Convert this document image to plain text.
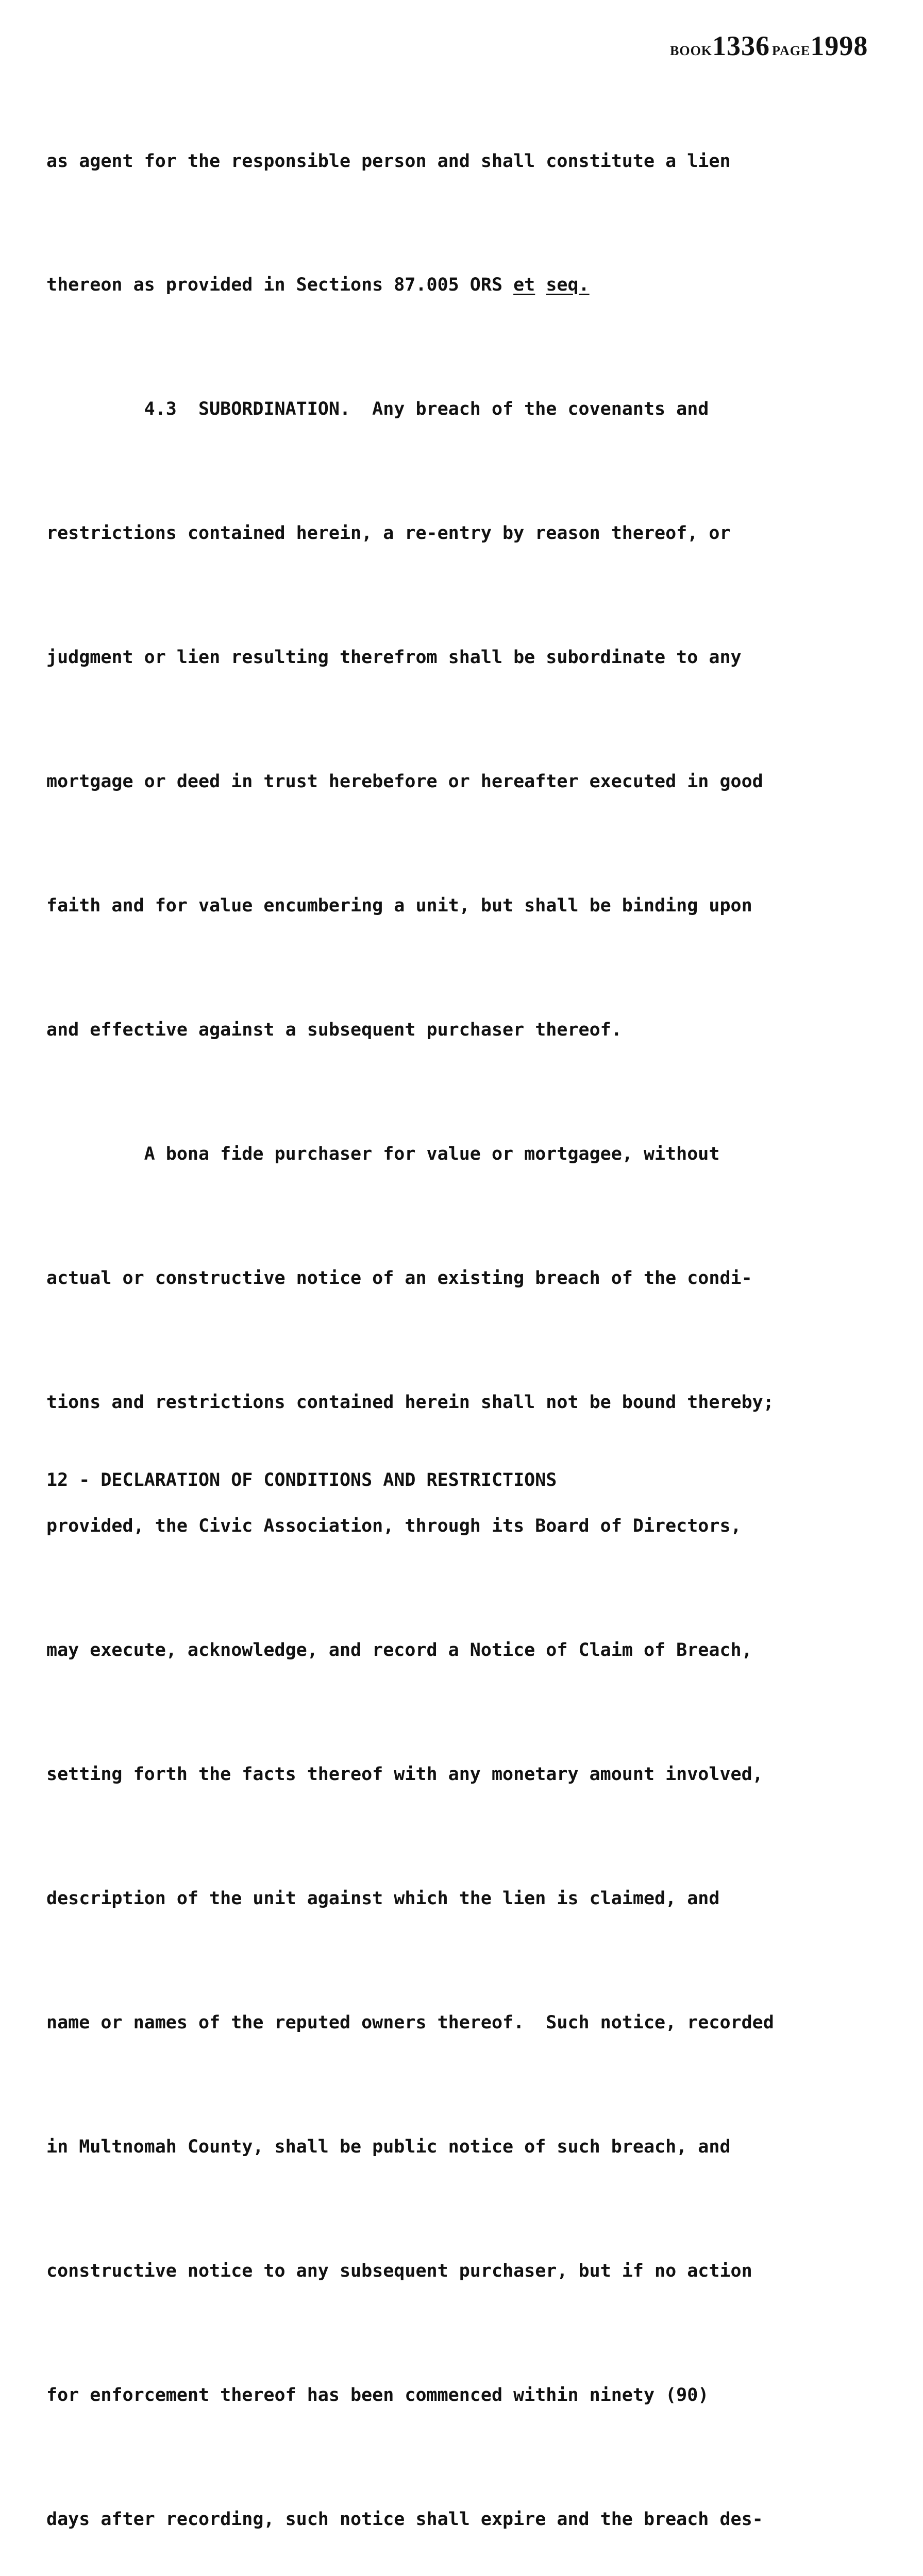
BOOK1336 PAGE1998

as agent for the responsible person and shall constitute a lien

thereon as provided in Sections 87.005 ORS et seq.

4.3  SUBORDINATION.  Any breach of the covenants and

restrictions contained herein, a re-entry by reason thereof, or

judgment or lien resulting therefrom shall be subordinate to any

mortgage or deed in trust herebefore or hereafter executed in good

faith and for value encumbering a unit, but shall be binding upon

and effective against a subsequent purchaser thereof.

A bona fide purchaser for value or mortgagee, without

actual or constructive notice of an existing breach of the condi-

tions and restrictions contained herein shall not be bound thereby;

provided, the Civic Association, through its Board of Directors,

may execute, acknowledge, and record a Notice of Claim of Breach,

setting forth the facts thereof with any monetary amount involved,

description of the unit against which the lien is claimed, and

name or names of the reputed owners thereof.  Such notice, recorded

in Multnomah County, shall be public notice of such breach, and

constructive notice to any subsequent purchaser, but if no action

for enforcement thereof has been commenced within ninety (90)

days after recording, such notice shall expire and the breach des-

12 - DECLARATION OF CONDITIONS AND RESTRICTIONS
